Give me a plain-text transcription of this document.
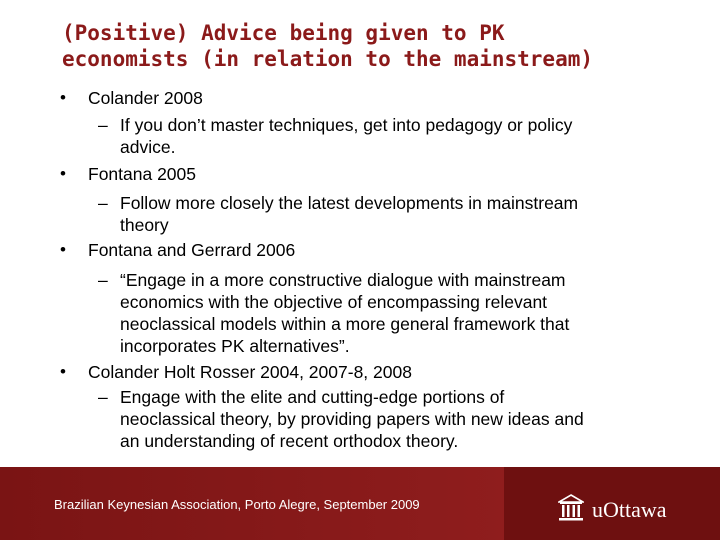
(Positive) Advice being given to PK
economists (in relation to the mainstream)
• Colander 2008
– If you don’t master techniques, get into pedagogy or policy
advice.
• Fontana 2005
– Follow more closely the latest developments in mainstream
theory
• Fontana and Gerrard 2006
– “Engage in a more constructive dialogue with mainstream
economics with the objective of encompassing relevant
neoclassical models within a more general framework that
incorporates PK alternatives”.
• Colander Holt Rosser 2004, 2007-8, 2008
– Engage with the elite and cutting-edge portions of
neoclassical theory, by providing papers with new ideas and
an understanding of recent orthodox theory.
Brazilian Keynesian Association, Porto Alegre, September 2009	uOttawa
